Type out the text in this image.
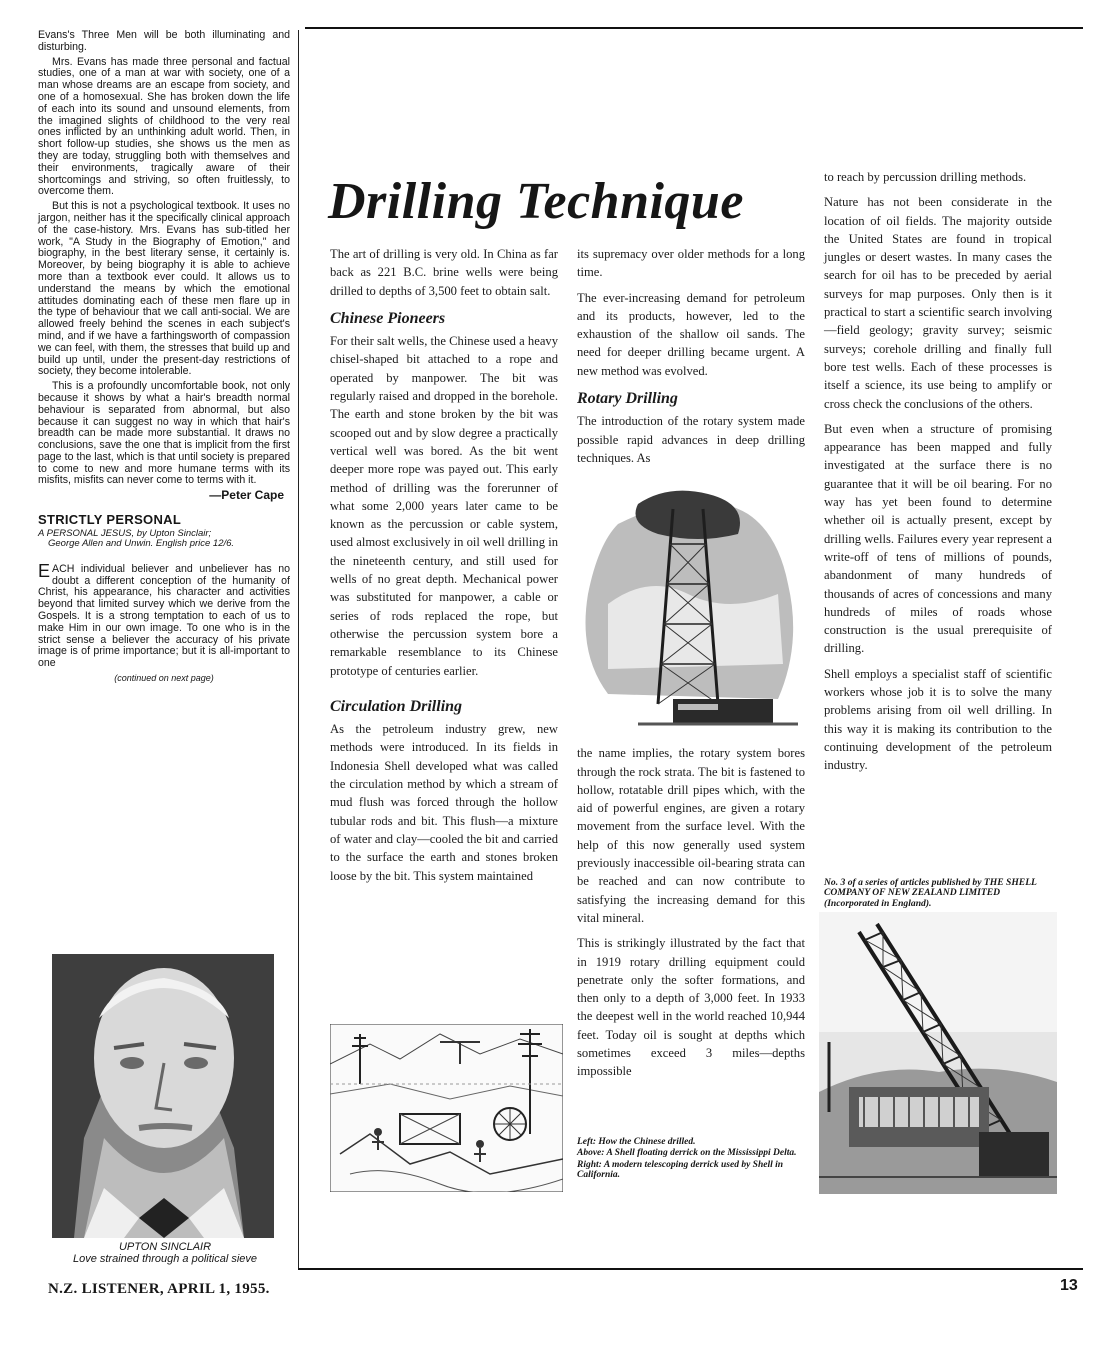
Evans's Three Men will be both illuminating and disturbing.

Mrs. Evans has made three personal and factual studies, one of a man at war with society, one of a man whose dreams are an escape from society, and one of a homosexual. She has broken down the life of each into its sound and unsound elements, from the imagined slights of childhood to the very real ones inflicted by an unthinking adult world. Then, in short follow-up studies, she shows us the men as they are today, struggling both with themselves and their environments, tragically aware of their shortcomings and striving, so often fruitlessly, to overcome them.

But this is not a psychological textbook. It uses no jargon, neither has it the specifically clinical approach of the case-history. Mrs. Evans has sub-titled her work, "A Study in the Biography of Emotion," and biography, in the best literary sense, it certainly is. Moreover, by being biography it is able to achieve more than a textbook ever could. It allows us to understand the means by which the emotional attitudes dominating each of these men flare up in the type of behaviour that we call anti-social. We are allowed freely behind the scenes in each subject's mind, and if we have a farthingsworth of compassion we can feel, with them, the stresses that build up and build up until, under the present-day restrictions of society, they become intolerable.

This is a profoundly uncomfortable book, not only because it shows by what a hair's breadth normal behaviour is separated from abnormal, but also because it can suggest no way in which that hair's breadth can be made more substantial. It draws no conclusions, save the one that is implicit from the first page to the last, which is that until society is prepared to come to new and more humane terms with its misfits, misfits can never come to terms with it.

—Peter Cape

STRICTLY PERSONAL
A PERSONAL JESUS, by Upton Sinclair;
George Allen and Unwin. English price 12/6.

EACH individual believer and unbeliever has no doubt a different conception of the humanity of Christ, his appearance, his character and activities beyond that limited survey which we derive from the Gospels. It is a strong temptation to each of us to make Him in our own image. To one who is in the strict sense a believer the accuracy of his private image is of prime importance; but it is all-important to one

(continued on next page)
UPTON SINCLAIR
Love strained through a political sieve
Drilling Technique

The art of drilling is very old. In China as far back as 221 B.C. brine wells were being drilled to depths of 3,500 feet to obtain salt.

Chinese Pioneers

For their salt wells, the Chinese used a heavy chisel-shaped bit attached to a rope and operated by manpower. The bit was regularly raised and dropped in the borehole. The earth and stone broken by the bit was scooped out and by slow degree a practically vertical well was bored. As the bit went deeper more rope was payed out. This early method of drilling was the forerunner of what some 2,000 years later came to be known as the percussion or cable system, used almost exclusively in oil well drilling in the nineteenth century, and still used for wells of no great depth. Mechanical power was substituted for manpower, a cable or series of rods replaced the rope, but otherwise the percussion system bore a remarkable resemblance to its Chinese prototype of centuries earlier.

Circulation Drilling

As the petroleum industry grew, new methods were introduced. In its fields in Indonesia Shell developed what was called the circulation method by which a stream of mud flush was forced through the hollow tubular rods and bit. This flush—a mixture of water and clay—cooled the bit and carried to the surface the earth and stones broken loose by the bit. This system maintained

its supremacy over older methods for a long time.

The ever-increasing demand for petroleum and its products, however, led to the exhaustion of the shallow oil sands. The need for deeper drilling became urgent. A new method was evolved.

Rotary Drilling

The introduction of the rotary system made possible rapid advances in deep drilling techniques. As

the name implies, the rotary system bores through the rock strata. The bit is fastened to hollow, rotatable drill pipes which, with the aid of powerful engines, are given a rotary movement from the surface level. With the help of this now generally used system previously inaccessible oil-bearing strata can be reached and can now contribute to satisfying the increasing demand for this vital mineral.

This is strikingly illustrated by the fact that in 1919 rotary drilling equipment could penetrate only the softer formations, and then only to a depth of 3,000 feet. In 1933 the deepest well in the world reached 10,944 feet. Today oil is sought at depths which sometimes exceed 3 miles—depths impossible

Left: How the Chinese drilled.
Above: A Shell floating derrick on the Mississippi Delta.
Right: A modern telescoping derrick used by Shell in California.

to reach by percussion drilling methods.

Nature has not been considerate in the location of oil fields. The majority outside the United States are found in tropical jungles or desert wastes. In many cases the search for oil has to be preceded by aerial surveys for map purposes. Only then is it practical to start a scientific search involving—field geology; gravity survey; seismic surveys; corehole drilling and finally full bore test wells. Each of these processes is itself a science, its use being to amplify or cross check the conclusions of the others.

But even when a structure of promising appearance has been mapped and fully investigated at the surface there is no guarantee that it will be oil bearing. For no way has yet been found to determine whether oil is actually present, except by drilling wells. Failures every year represent a write-off of tens of millions of pounds, abandonment of many hundreds of thousands of acres of concessions and many hundreds of miles of roads whose construction is the usual prerequisite of drilling.

Shell employs a specialist staff of scientific workers whose job it is to solve the many problems arising from oil well drilling. In this way it is making its contribution to the continuing development of the petroleum industry.

No. 3 of a series of articles published by THE SHELL COMPANY OF NEW ZEALAND LIMITED (Incorporated in England).
N.Z. LISTENER, APRIL 1, 1955.	13
